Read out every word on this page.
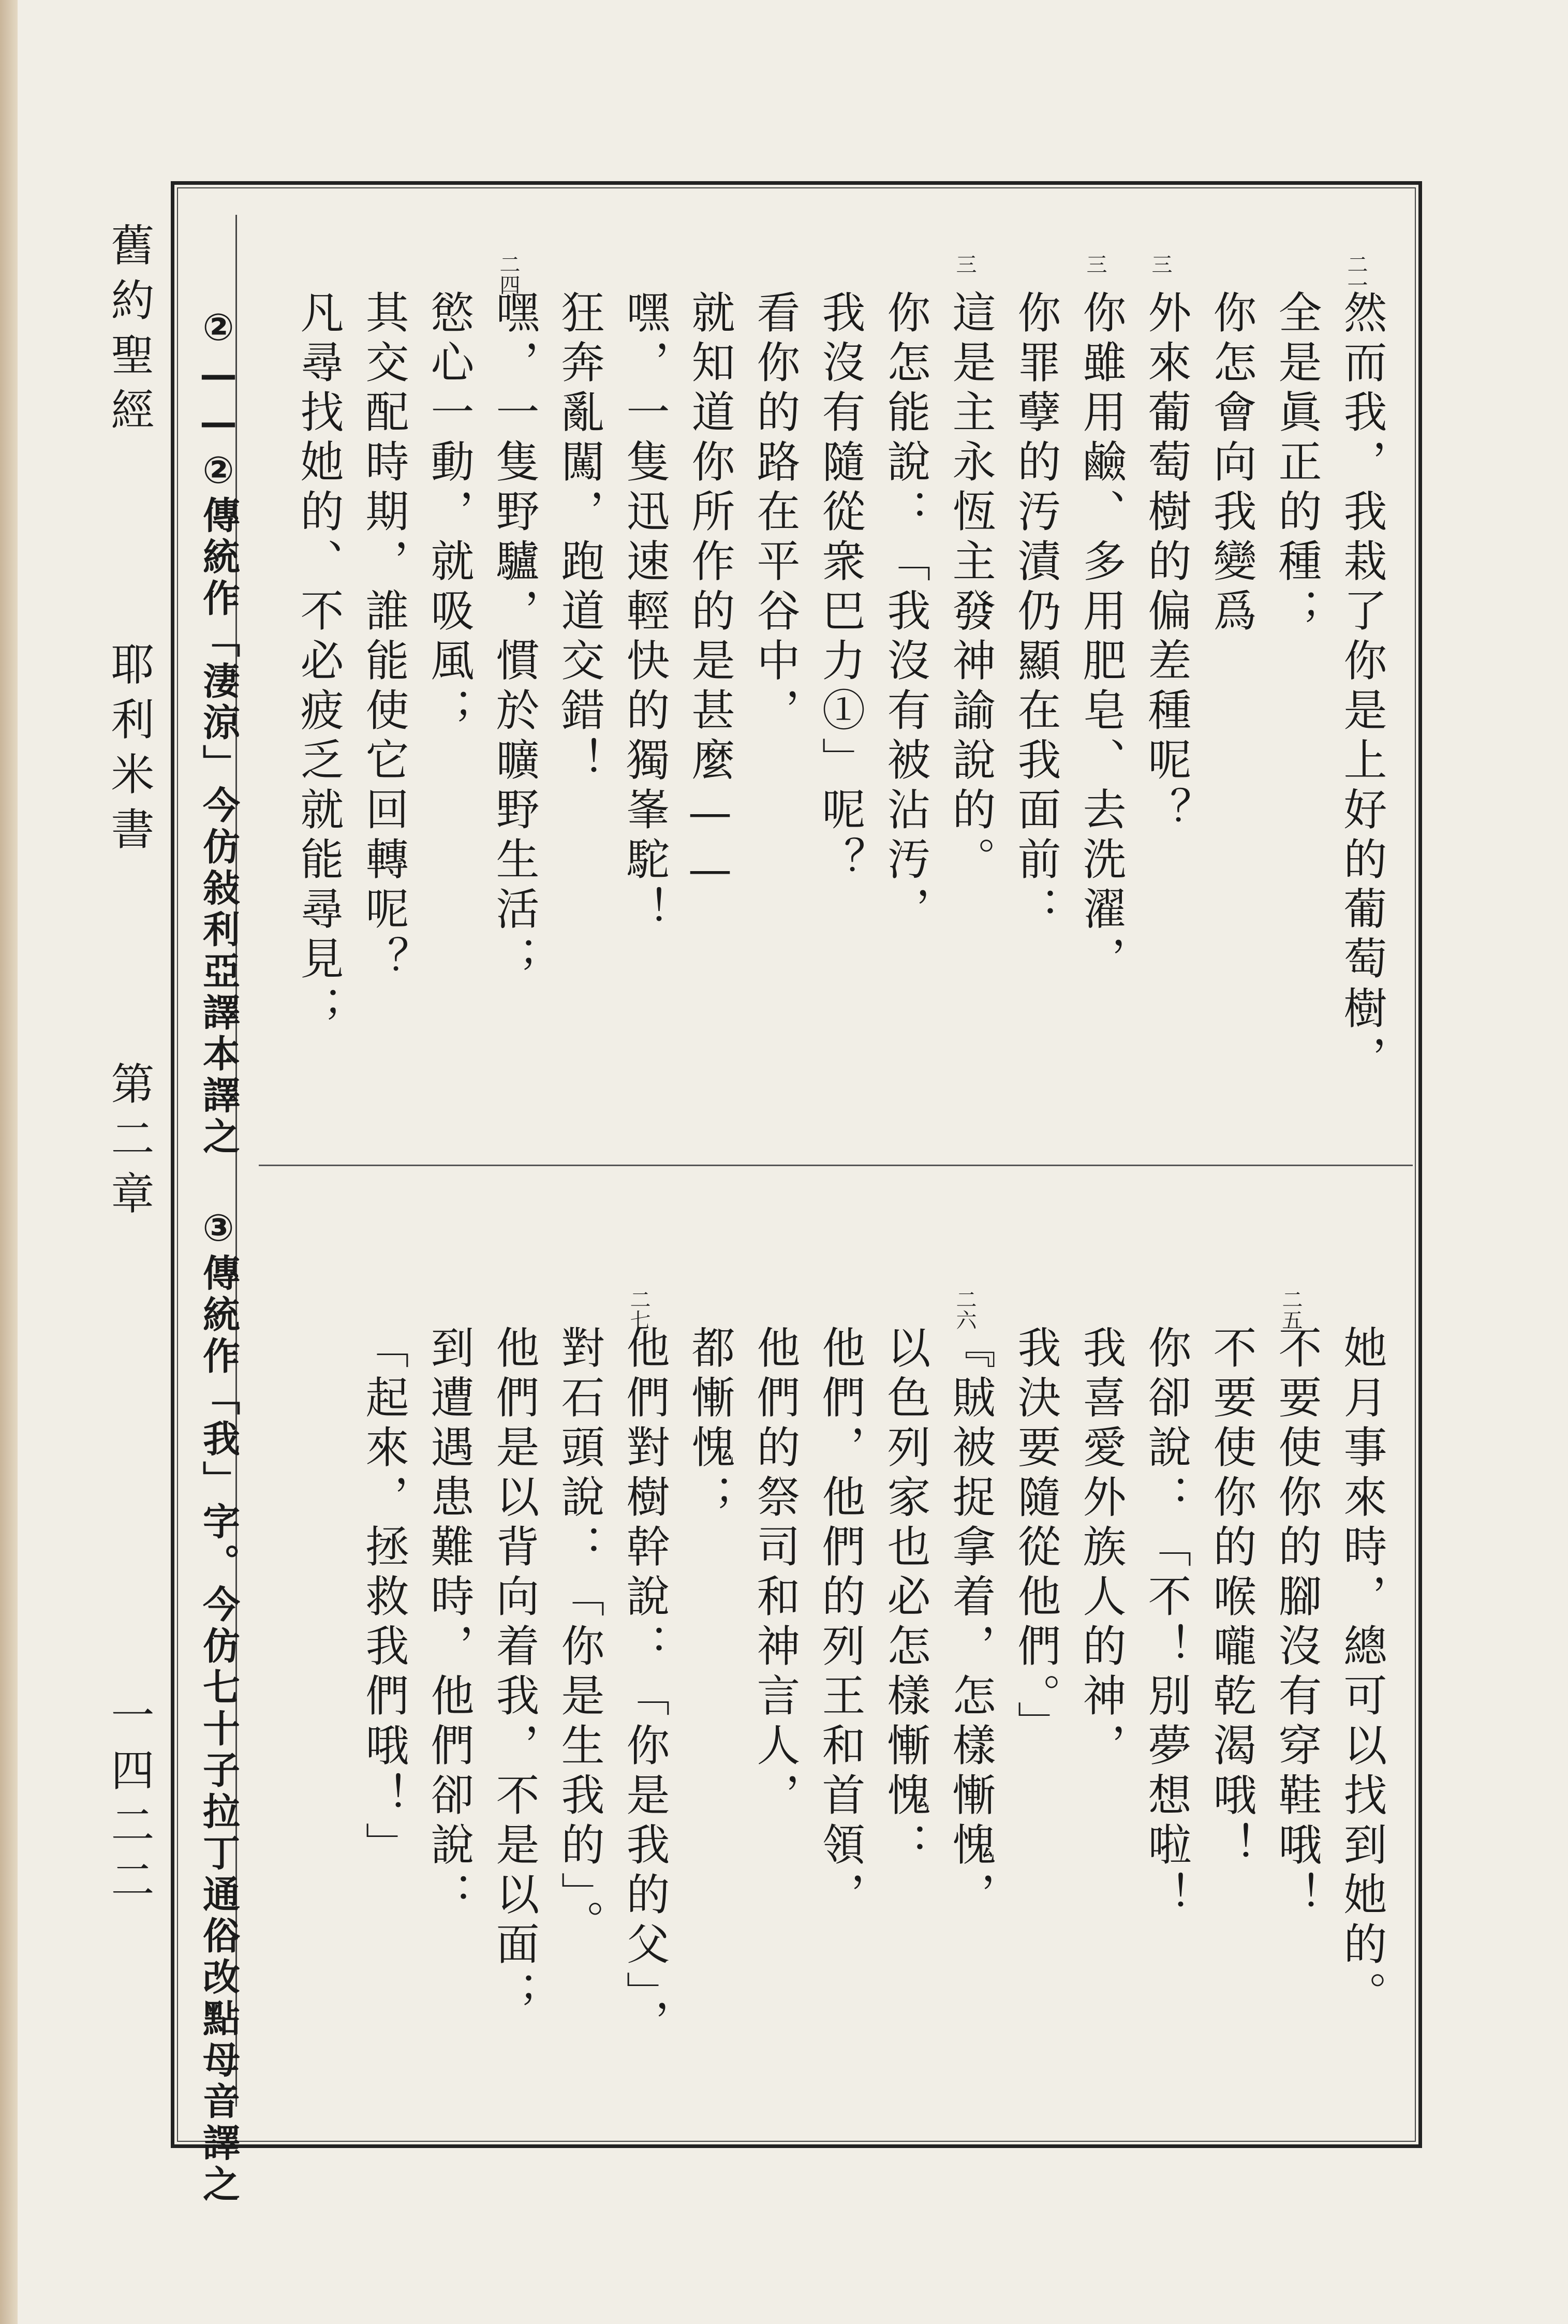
舊約聖經
耶利米書
第二章
一四二二
二一
然而我，我栽了你是上好的葡萄樹，
全是眞正的種；
你怎會向我變爲
三
外來葡萄樹的偏差種呢？
三
你雖用鹼、多用肥皂、去洗濯，
你罪孽的汚漬仍顯在我面前：
三
這是主永恆主發神諭說的。
你怎能說：「我沒有被沾汚，
我沒有隨從衆巴力①」呢？
看你的路在平谷中，
就知道你所作的是甚麼——
嘿，一隻迅速輕快的獨峯駝！
狂奔亂闖，跑道交錯！
二四
嘿，一隻野驢，慣於曠野生活；
慾心一動，就吸風；
其交配時期，誰能使它回轉呢？
凡尋找她的、不必疲乏就能尋見；
她月事來時，總可以找到她的。
二五
不要使你的腳沒有穿鞋哦！
不要使你的喉嚨乾渴哦！
你卻說：「不！別夢想啦！
我喜愛外族人的神，
我決要隨從他們。」
二六
『賊被捉拿着，怎樣慚愧，
以色列家也必怎樣慚愧：
他們，他們的列王和首領，
他們的祭司和神言人，
都慚愧；
二七
他們對樹幹說：「你是我的父」，
對石頭說：「你是生我的」。
他們是以背向着我，不是以面；
到遭遇患難時，他們卻說：
「起來，拯救我們哦！」
②——②傳統作「淒涼」今仿敍利亞譯本譯之 ③傳統作「我」字。今仿七十子拉丁通俗改點母音譯之
